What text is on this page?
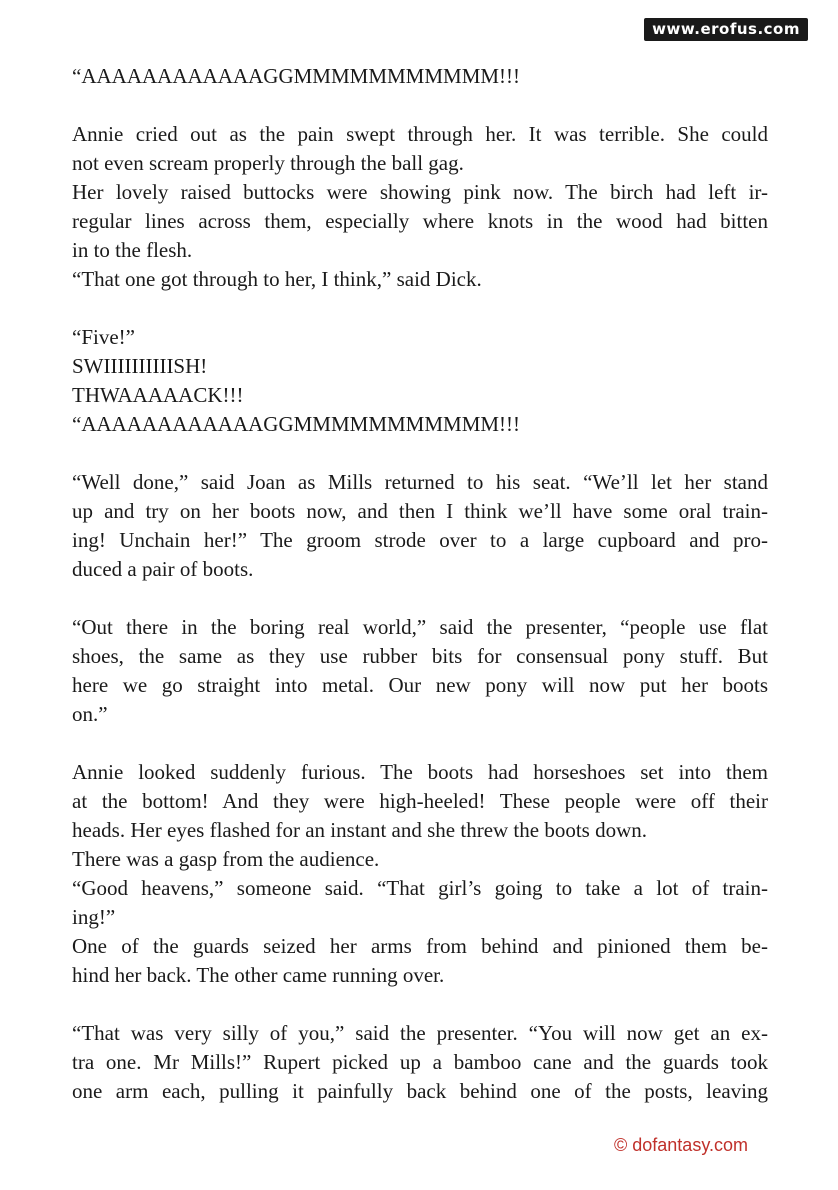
www.erofus.com
“AAAAAAAAAAAAGGMMMMMMMMMMM!!!
Annie cried out as the pain swept through her. It was terrible. She could
not even scream properly through the ball gag.
Her lovely raised buttocks were showing pink now. The birch had left ir-
regular lines across them, especially where knots in the wood had bitten
in to the flesh.
“That one got through to her, I think,” said Dick.
“Five!”
SWIIIIIIIIIISH!
THWAAAAACK!!!
“AAAAAAAAAAAAGGMMMMMMMMMMM!!!
“Well done,” said Joan as Mills returned to his seat. “We’ll let her stand
up and try on her boots now, and then I think we’ll have some oral train-
ing! Unchain her!” The groom strode over to a large cupboard and pro-
duced a pair of boots.
“Out there in the boring real world,” said the presenter, “people use flat
shoes, the same as they use rubber bits for consensual pony stuff. But
here we go straight into metal. Our new pony will now put her boots
on.”
Annie looked suddenly furious. The boots had horseshoes set into them
at the bottom! And they were high-heeled! These people were off their
heads. Her eyes flashed for an instant and she threw the boots down.
There was a gasp from the audience.
“Good heavens,” someone said. “That girl’s going to take a lot of train-
ing!”
One of the guards seized her arms from behind and pinioned them be-
hind her back. The other came running over.
“That was very silly of you,” said the presenter. “You will now get an ex-
tra one. Mr Mills!” Rupert picked up a bamboo cane and the guards took
one arm each, pulling it painfully back behind one of the posts, leaving
© dofantasy.com
